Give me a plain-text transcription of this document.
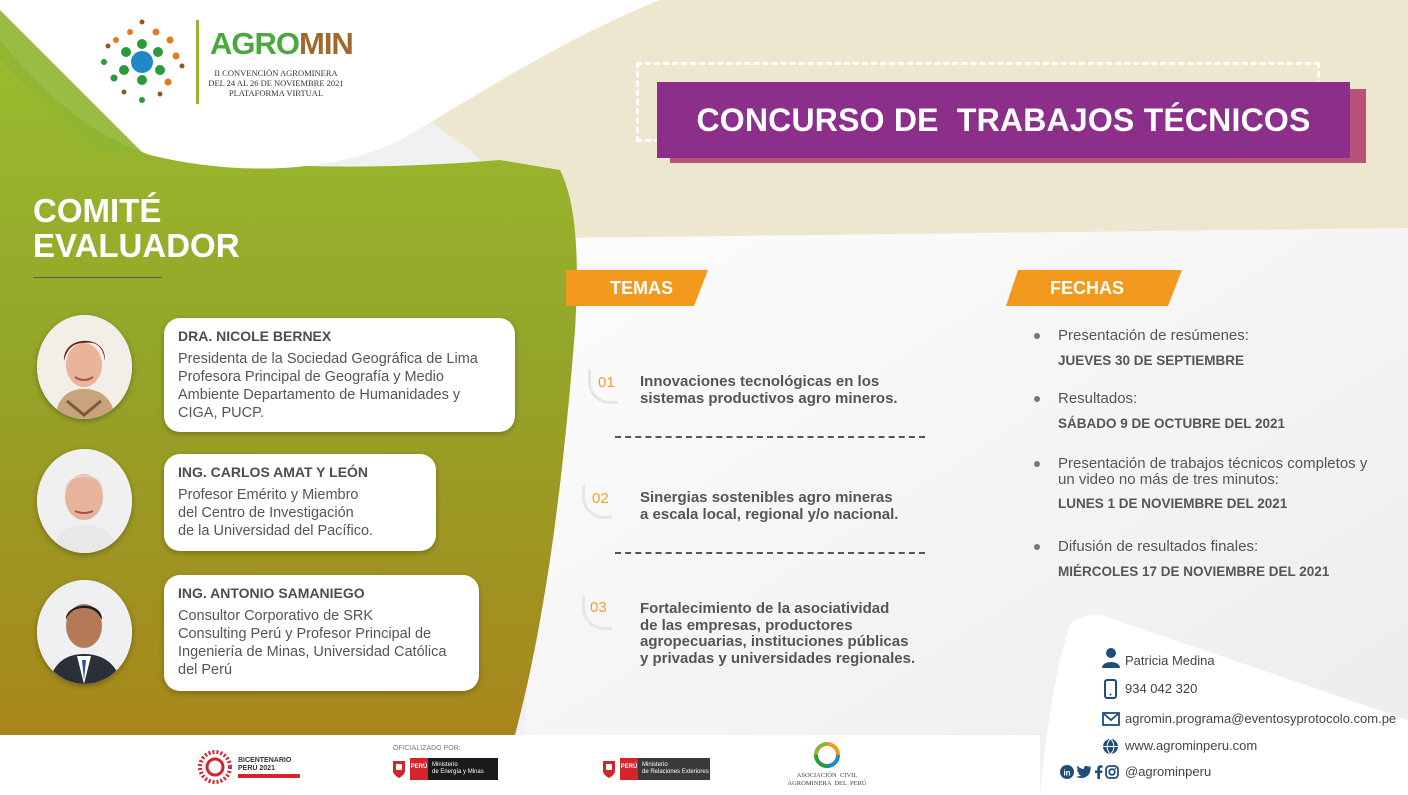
AGROMIN
II CONVENCIÓN AGROMINERA
DEL 24 AL 26 DE NOVIEMBRE 2021
PLATAFORMA VIRTUAL
CONCURSO DE  TRABAJOS TÉCNICOS
COMITÉ
EVALUADOR
DRA. NICOLE BERNEX
Presidenta de la Sociedad Geográfica de Lima
Profesora Principal de Geografía y Medio
Ambiente Departamento de Humanidades y
CIGA, PUCP.
ING. CARLOS AMAT Y LEÓN
Profesor Emérito y Miembro
del Centro de Investigación
de la Universidad del Pacífico.
ING. ANTONIO SAMANIEGO
Consultor Corporativo de SRK
Consulting Perú y Profesor Principal de
Ingeniería de Minas, Universidad Católica
del Perú
TEMAS
01 Innovaciones tecnológicas en los
sistemas productivos agro mineros.
02 Sinergias sostenibles agro mineras
a escala local, regional y/o nacional.
03 Fortalecimiento de la asociatividad
de las empresas, productores
agropecuarias, instituciones públicas
y privadas y universidades regionales.
FECHAS
Presentación de resúmenes:
JUEVES 30 DE SEPTIEMBRE
Resultados:
SÁBADO 9 DE OCTUBRE DEL 2021
Presentación de trabajos técnicos completos y
un video no más de tres minutos:
LUNES 1 DE NOVIEMBRE DEL 2021
Difusión de resultados finales:
MIÉRCOLES 17 DE NOVIEMBRE DEL 2021
Patricia Medina
934 042 320
agromin.programa@eventosyprotocolo.com.pe
www.agrominperu.com
in	@agrominperu
BICENTENARIO
PERÚ 2021
OFICIALIZADO POR:
PERÚ Ministerio
de Energía y Minas
PERÚ Ministerio
de Relaciones Exteriores	ASOCIACIÓN  CIVIL
AGROMINERA  DEL  PERÚ
